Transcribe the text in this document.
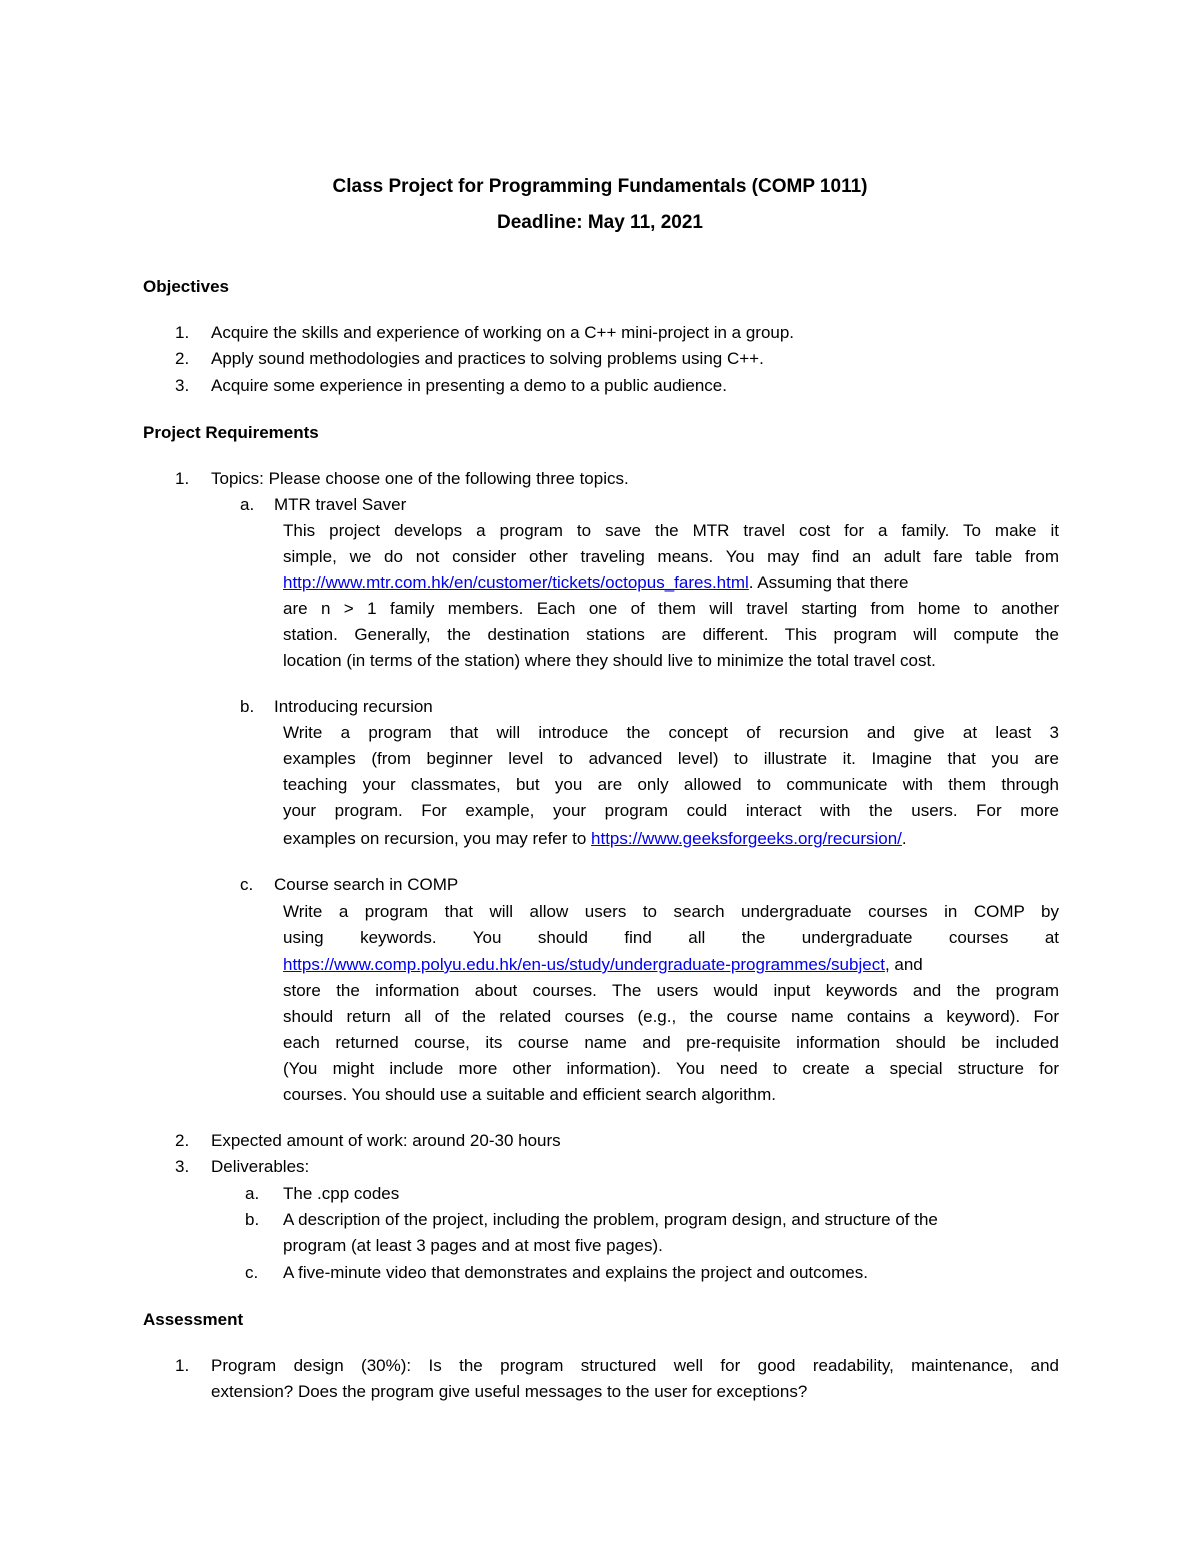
Class Project for Programming Fundamentals (COMP 1011)
Deadline: May 11, 2021
Objectives
1.	Acquire the skills and experience of working on a C++ mini-project in a group.
2.	Apply sound methodologies and practices to solving problems using C++.
3.	Acquire some experience in presenting a demo to a public audience.
Project Requirements
1.	Topics: Please choose one of the following three topics.
a.	MTR travel Saver
This project develops a program to save the MTR travel cost for a family. To make it
simple, we do not consider other traveling means. You may find an adult fare table from
http://www.mtr.com.hk/en/customer/tickets/octopus_fares.html. Assuming that there
are n > 1 family members. Each one of them will travel starting from home to another
station. Generally, the destination stations are different. This program will compute the
location (in terms of the station) where they should live to minimize the total travel cost.
b.	Introducing recursion
Write a program that will introduce the concept of recursion and give at least 3
examples (from beginner level to advanced level) to illustrate it. Imagine that you are
teaching your classmates, but you are only allowed to communicate with them through
your program. For example, your program could interact with the users. For more
examples on recursion, you may refer to https://www.geeksforgeeks.org/recursion/.
c.	Course search in COMP
Write a program that will allow users to search undergraduate courses in COMP by
using keywords. You should find all the undergraduate courses at
https://www.comp.polyu.edu.hk/en-us/study/undergraduate-programmes/subject, and
store the information about courses. The users would input keywords and the program
should return all of the related courses (e.g., the course name contains a keyword). For
each returned course, its course name and pre-requisite information should be included
(You might include more other information). You need to create a special structure for
courses. You should use a suitable and efficient search algorithm.
2.	Expected amount of work: around 20-30 hours
3.	Deliverables:
a.	The .cpp codes
b.	A description of the project, including the problem, program design, and structure of the
program (at least 3 pages and at most five pages).
c.	A five-minute video that demonstrates and explains the project and outcomes.
Assessment
1.	Program design (30%): Is the program structured well for good readability, maintenance, and
extension? Does the program give useful messages to the user for exceptions?
